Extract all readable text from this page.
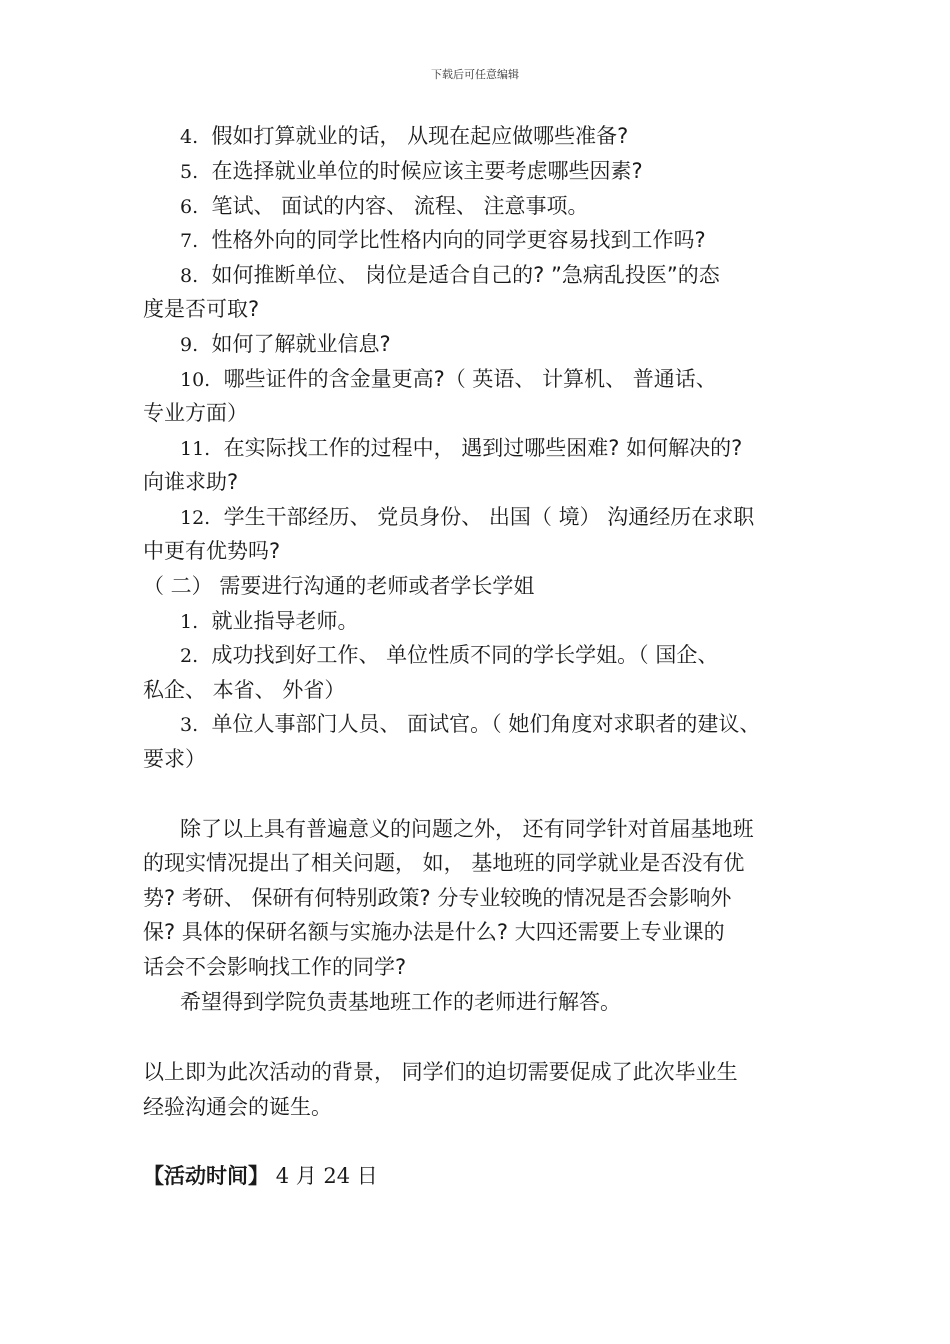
下载后可任意编辑
4. 假如打算就业的话， 从现在起应做哪些准备?
5. 在选择就业单位的时候应该主要考虑哪些因素?
6. 笔试、 面试的内容、 流程、 注意事项。
7. 性格外向的同学比性格内向的同学更容易找到工作吗?
8. 如何推断单位、 岗位是适合自己的? ”急病乱投医”的态
度是否可取?
9. 如何了解就业信息?
10. 哪些证件的含金量更高?（ 英语、 计算机、 普通话、
专业方面）
11. 在实际找工作的过程中， 遇到过哪些困难? 如何解决的?
向谁求助?
12. 学生干部经历、 党员身份、 出国（ 境） 沟通经历在求职
中更有优势吗?
（ 二） 需要进行沟通的老师或者学长学姐
1. 就业指导老师。
2. 成功找到好工作、 单位性质不同的学长学姐。（ 国企、
私企、 本省、 外省）
3. 单位人事部门人员、 面试官。（ 她们角度对求职者的建议、
要求）
除了以上具有普遍意义的问题之外， 还有同学针对首届基地班
的现实情况提出了相关问题， 如， 基地班的同学就业是否没有优
势? 考研、 保研有何特别政策? 分专业较晚的情况是否会影响外
保? 具体的保研名额与实施办法是什么? 大四还需要上专业课的
话会不会影响找工作的同学?
希望得到学院负责基地班工作的老师进行解答。
以上即为此次活动的背景， 同学们的迫切需要促成了此次毕业生
经验沟通会的诞生。
【活动时间】 4 月 24 日
